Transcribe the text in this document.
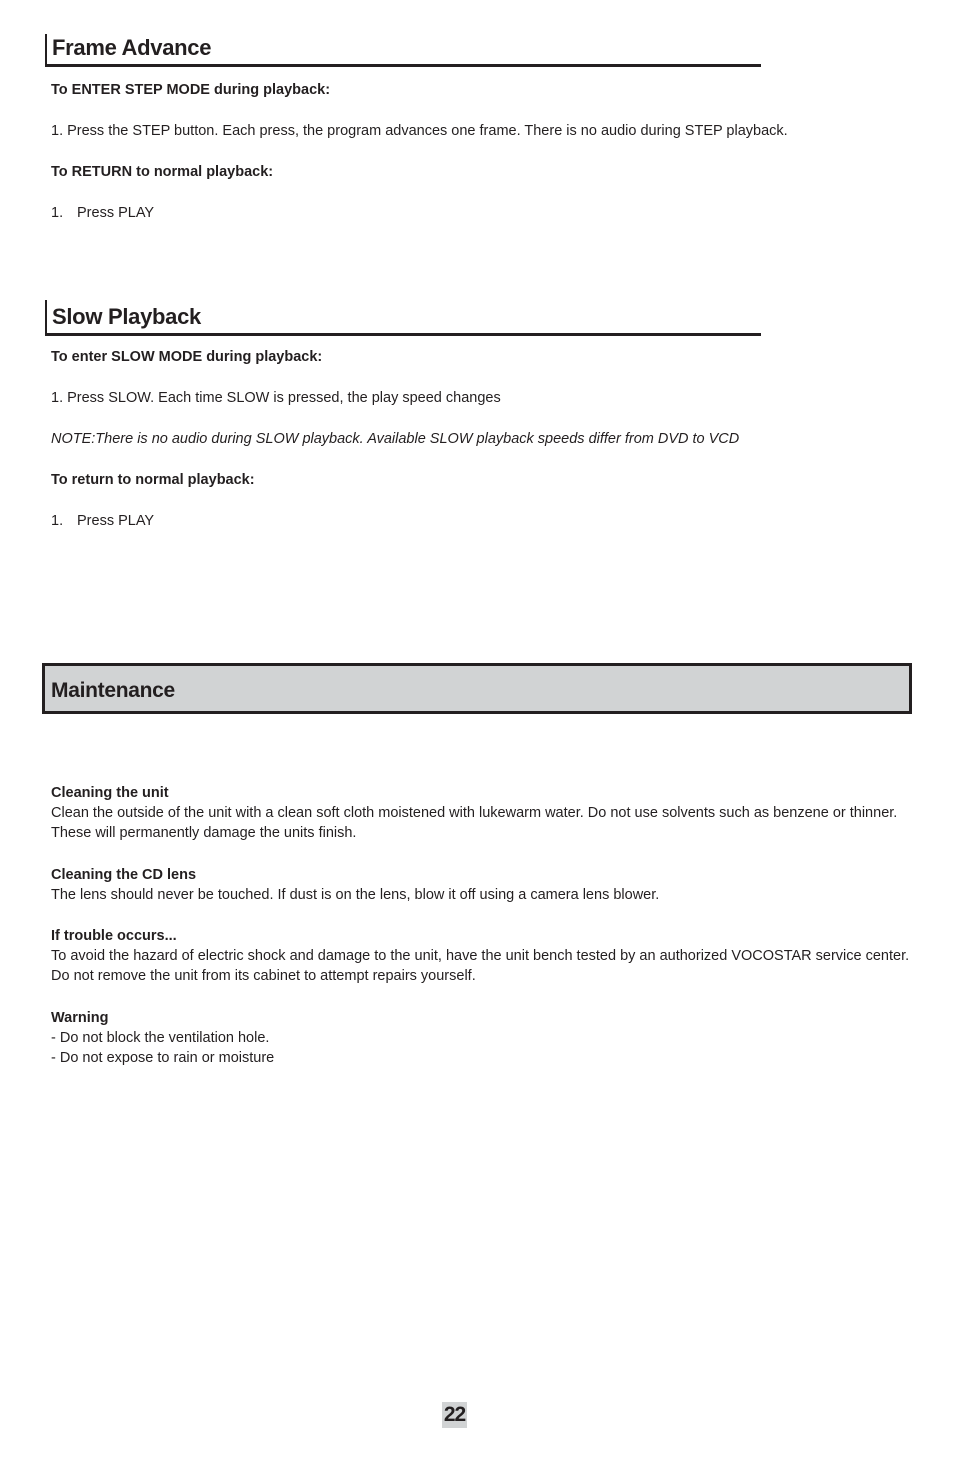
Frame Advance
To ENTER STEP MODE during playback:
1. Press the STEP button. Each press, the program advances one frame. There is no audio during STEP playback.
To RETURN to normal playback:
1. Press PLAY
Slow Playback
To enter SLOW MODE during playback:
1. Press SLOW. Each time SLOW is pressed, the play speed changes
NOTE:There is no audio during SLOW playback. Available SLOW playback speeds differ from DVD to VCD
To return to normal playback:
1. Press PLAY
Maintenance
Cleaning the unit
Clean the outside of the unit with a clean soft cloth moistened with lukewarm water. Do not use solvents such as benzene or thinner. These will permanently damage the units finish.
Cleaning the CD lens
The lens should never be touched. If dust is on the lens, blow it off using a camera lens blower.
If trouble occurs...
To avoid the hazard of electric shock and damage to the unit, have the unit bench tested by an authorized VOCOSTAR service center. Do not remove the unit from its cabinet to attempt repairs yourself.
Warning
- Do not block the ventilation hole.
- Do not expose to rain or moisture
22
